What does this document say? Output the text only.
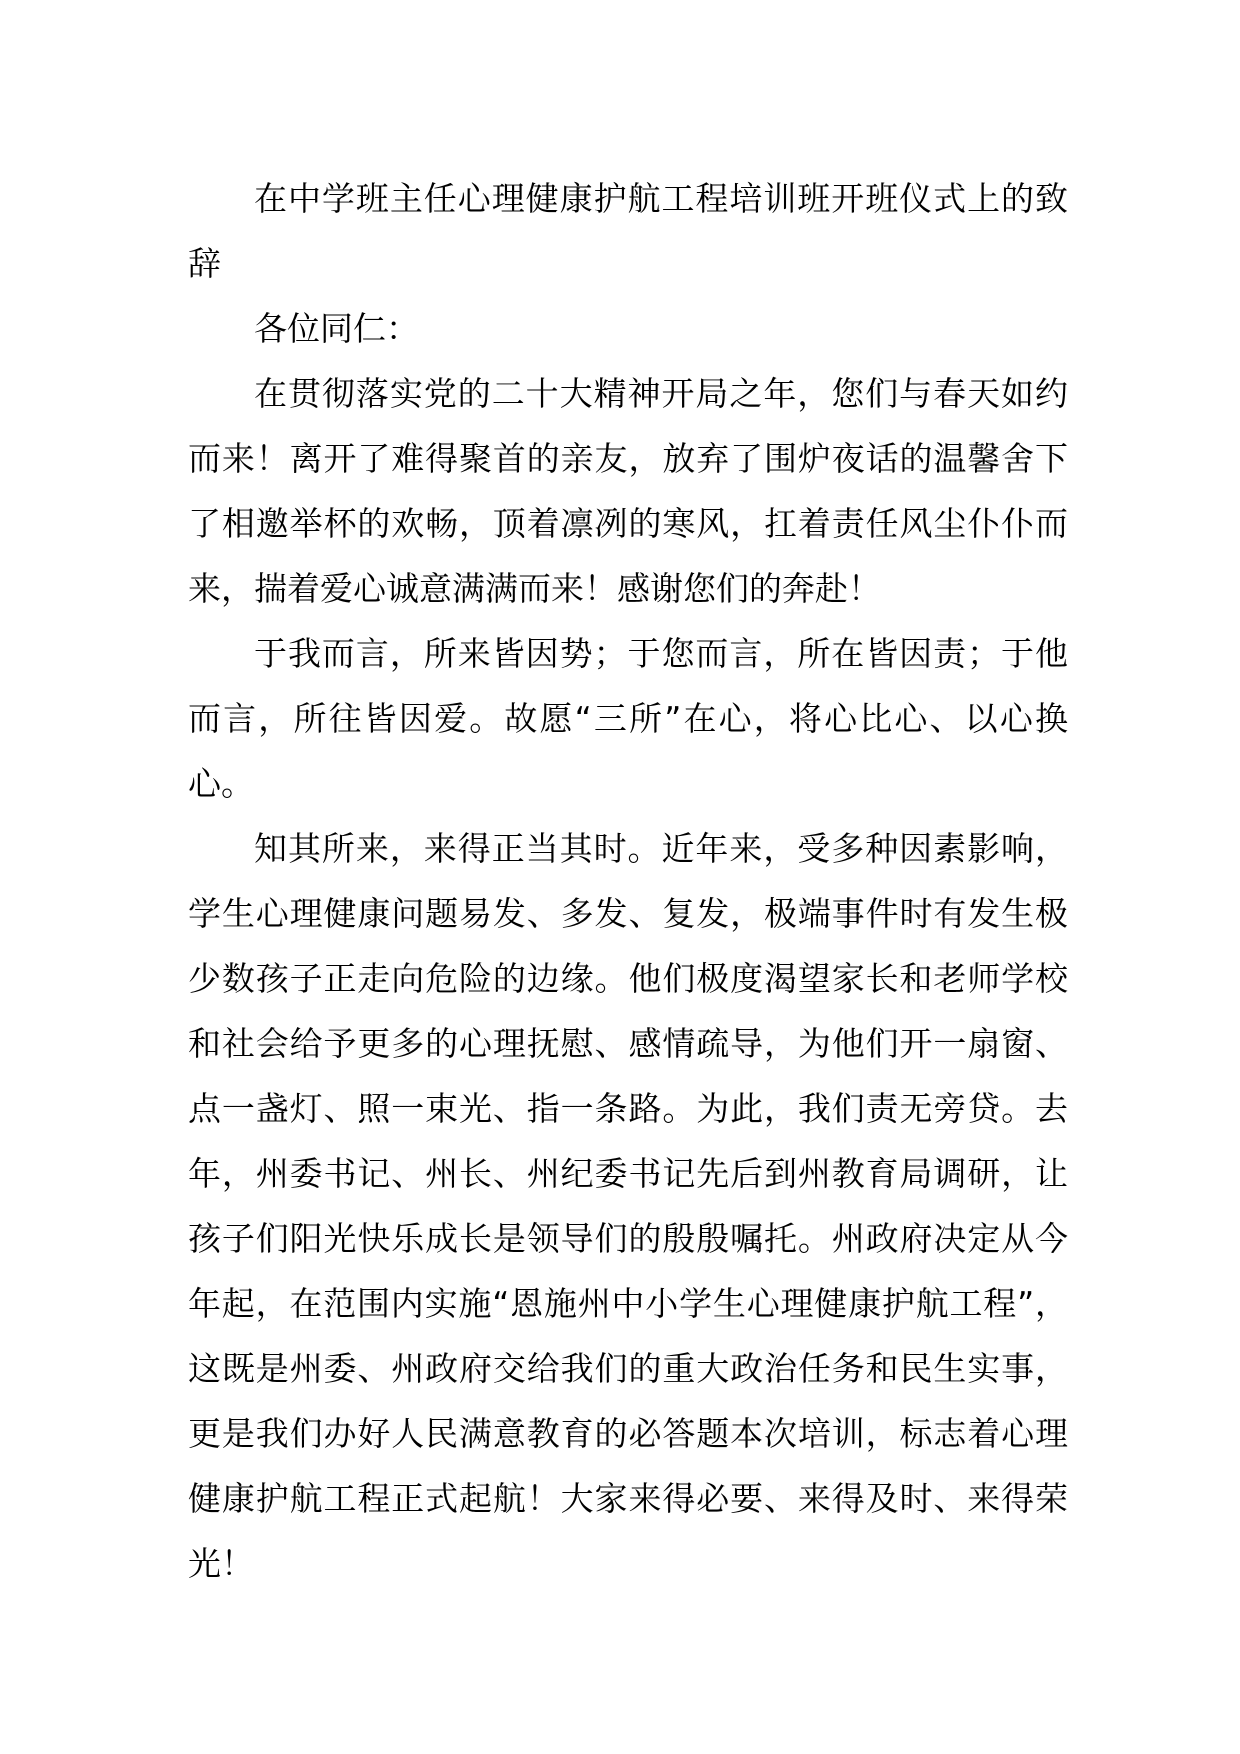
在中学班主任心理健康护航工程培训班开班仪式上的致辞

各位同仁：

在贯彻落实党的二十大精神开局之年，您们与春天如约而来！离开了难得聚首的亲友，放弃了围炉夜话的温馨舍下了相邀举杯的欢畅，顶着凛冽的寒风，扛着责任风尘仆仆而来，揣着爱心诚意满满而来！感谢您们的奔赴！

于我而言，所来皆因势；于您而言，所在皆因责；于他而言，所往皆因爱。故愿“三所”在心，将心比心、以心换心。

知其所来，来得正当其时。近年来，受多种因素影响，学生心理健康问题易发、多发、复发，极端事件时有发生极少数孩子正走向危险的边缘。他们极度渴望家长和老师学校和社会给予更多的心理抚慰、感情疏导，为他们开一扇窗、点一盏灯、照一束光、指一条路。为此，我们责无旁贷。去年，州委书记、州长、州纪委书记先后到州教育局调研，让孩子们阳光快乐成长是领导们的殷殷嘱托。州政府决定从今年起，在范围内实施“恩施州中小学生心理健康护航工程”，这既是州委、州政府交给我们的重大政治任务和民生实事，更是我们办好人民满意教育的必答题本次培训，标志着心理健康护航工程正式起航！大家来得必要、来得及时、来得荣光！
